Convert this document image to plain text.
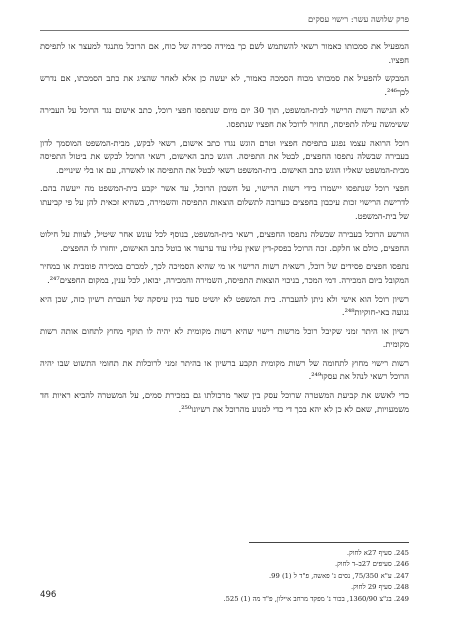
פרק שלושה עשר: רישוי עסקים

המפעיל את סמכותו כאמור רשאי להשתמש לשם כך במידה סבירה של כוח, אם הרוכל מתנגד למעצר או לתפיסת חפציו.

המבקש להפעיל את סמכותו מכוח הסמכה כאמור, לא יעשה כן אלא לאחר שהציג את כתב הסמכתו, אם נדרש לכך²⁴⁶.

לא הגישה רשות הרישוי לבית-המשפט, תוך 30 יום מיום שנתפסו חפצי רוכל, כתב אישום נגד הרוכל על העבירה ששימשה עילה לתפיסה, תחזיר לרוכל את חפציו שנתפסו.

רוכל הרואה עצמו נפגע בתפיסת חפציו וטרם הוגש נגדו כתב אישום, רשאי לבקש, מבית-המשפט המוסמך לדון בעבירה שבשלה נתפסו החפצים, לבטל את התפיסה. הוגש כתב האישום, רשאי הרוכל לבקש את ביטול התפיסה מבית-המשפט שאליו הוגש כתב האישום. בית-המשפט רשאי לבטל את התפיסה או לאשרה, עם או בלי שינויים.

חפצי רוכל שנתפסו יישמרו בידי רשות הרישוי, על חשבון הרוכל, עד אשר יקבע בית-המשפט מה ייעשה בהם. לדרישת הרישוי זכות עיכבון בחפצים כערובה לתשלום הוצאות התפיסה והשמירה, בשהיא זכאית להן על פי קביעתו של בית-המשפט.

הורשע הרוכל בעבירה שבשלה נתפסו החפצים, רשאי בית-המשפט, בנוסף לכל עונש אחר שיטיל, לצוות על חילוט החפצים, כולם או חלקם. זכה הרוכל בפסק-דין שאין עליו עוד ערעור או בוטל כתב האישום, יוחזרו לו החפצים.

נתפסו חפצים פסידים של רוכל, רשאית רשות הרישוי או מי שהיא הסמיכה לכך, למכרם במכירה פומבית או במחיר המקובל ביום המכירה. דמי המכר, בניכוי הוצאות התפיסה, השמירה והמכירה, יבואו, לכל ענין, במקום החפצים²⁴⁷.

רשיון רוכל הוא אישי ולא ניתן להעברה. בית המשפט לא יושיט סעד בגין עיסקה של העברת רשיון כזה, שכן היא נגועה באי-חוקיות²⁴⁸.

רשיון או היתר זמני שקיבל רוכל מרשות רישוי שהיא רשות מקומית לא יהיה לו תוקף מחוץ לתחום אותה רשות מקומית.

רשות רישוי מחוץ לתחומה של רשות מקומית תקבע ברשיון או בהיתר זמני לרוכלות את תחומי התשוט שבו יהיה הרוכל רשאי לנהל את עסקו²⁴⁹.

כדי לאשש את קביעת המשטרה שרוכל עסק בין שאר מרכולתו גם במכירת סמים, על המשטרה להביא ראיות חד משמעויות, שאם לא כן לא יהא בכך די כדי למנוע מהרוכל את רשיונו²⁵⁰.

245. סעיף 27א לחוק.
246. סעיפים 27ב–ד לחוק.
247. ע"א 75/350, נסים נ' פאשה, פ"ד ל (1) 99.
248. סעיף 29 לחוק.
249. בג"צ 1360/90, בכור נ' מפקד מרחב איילון, פ"ד מה (1) 525.
496
